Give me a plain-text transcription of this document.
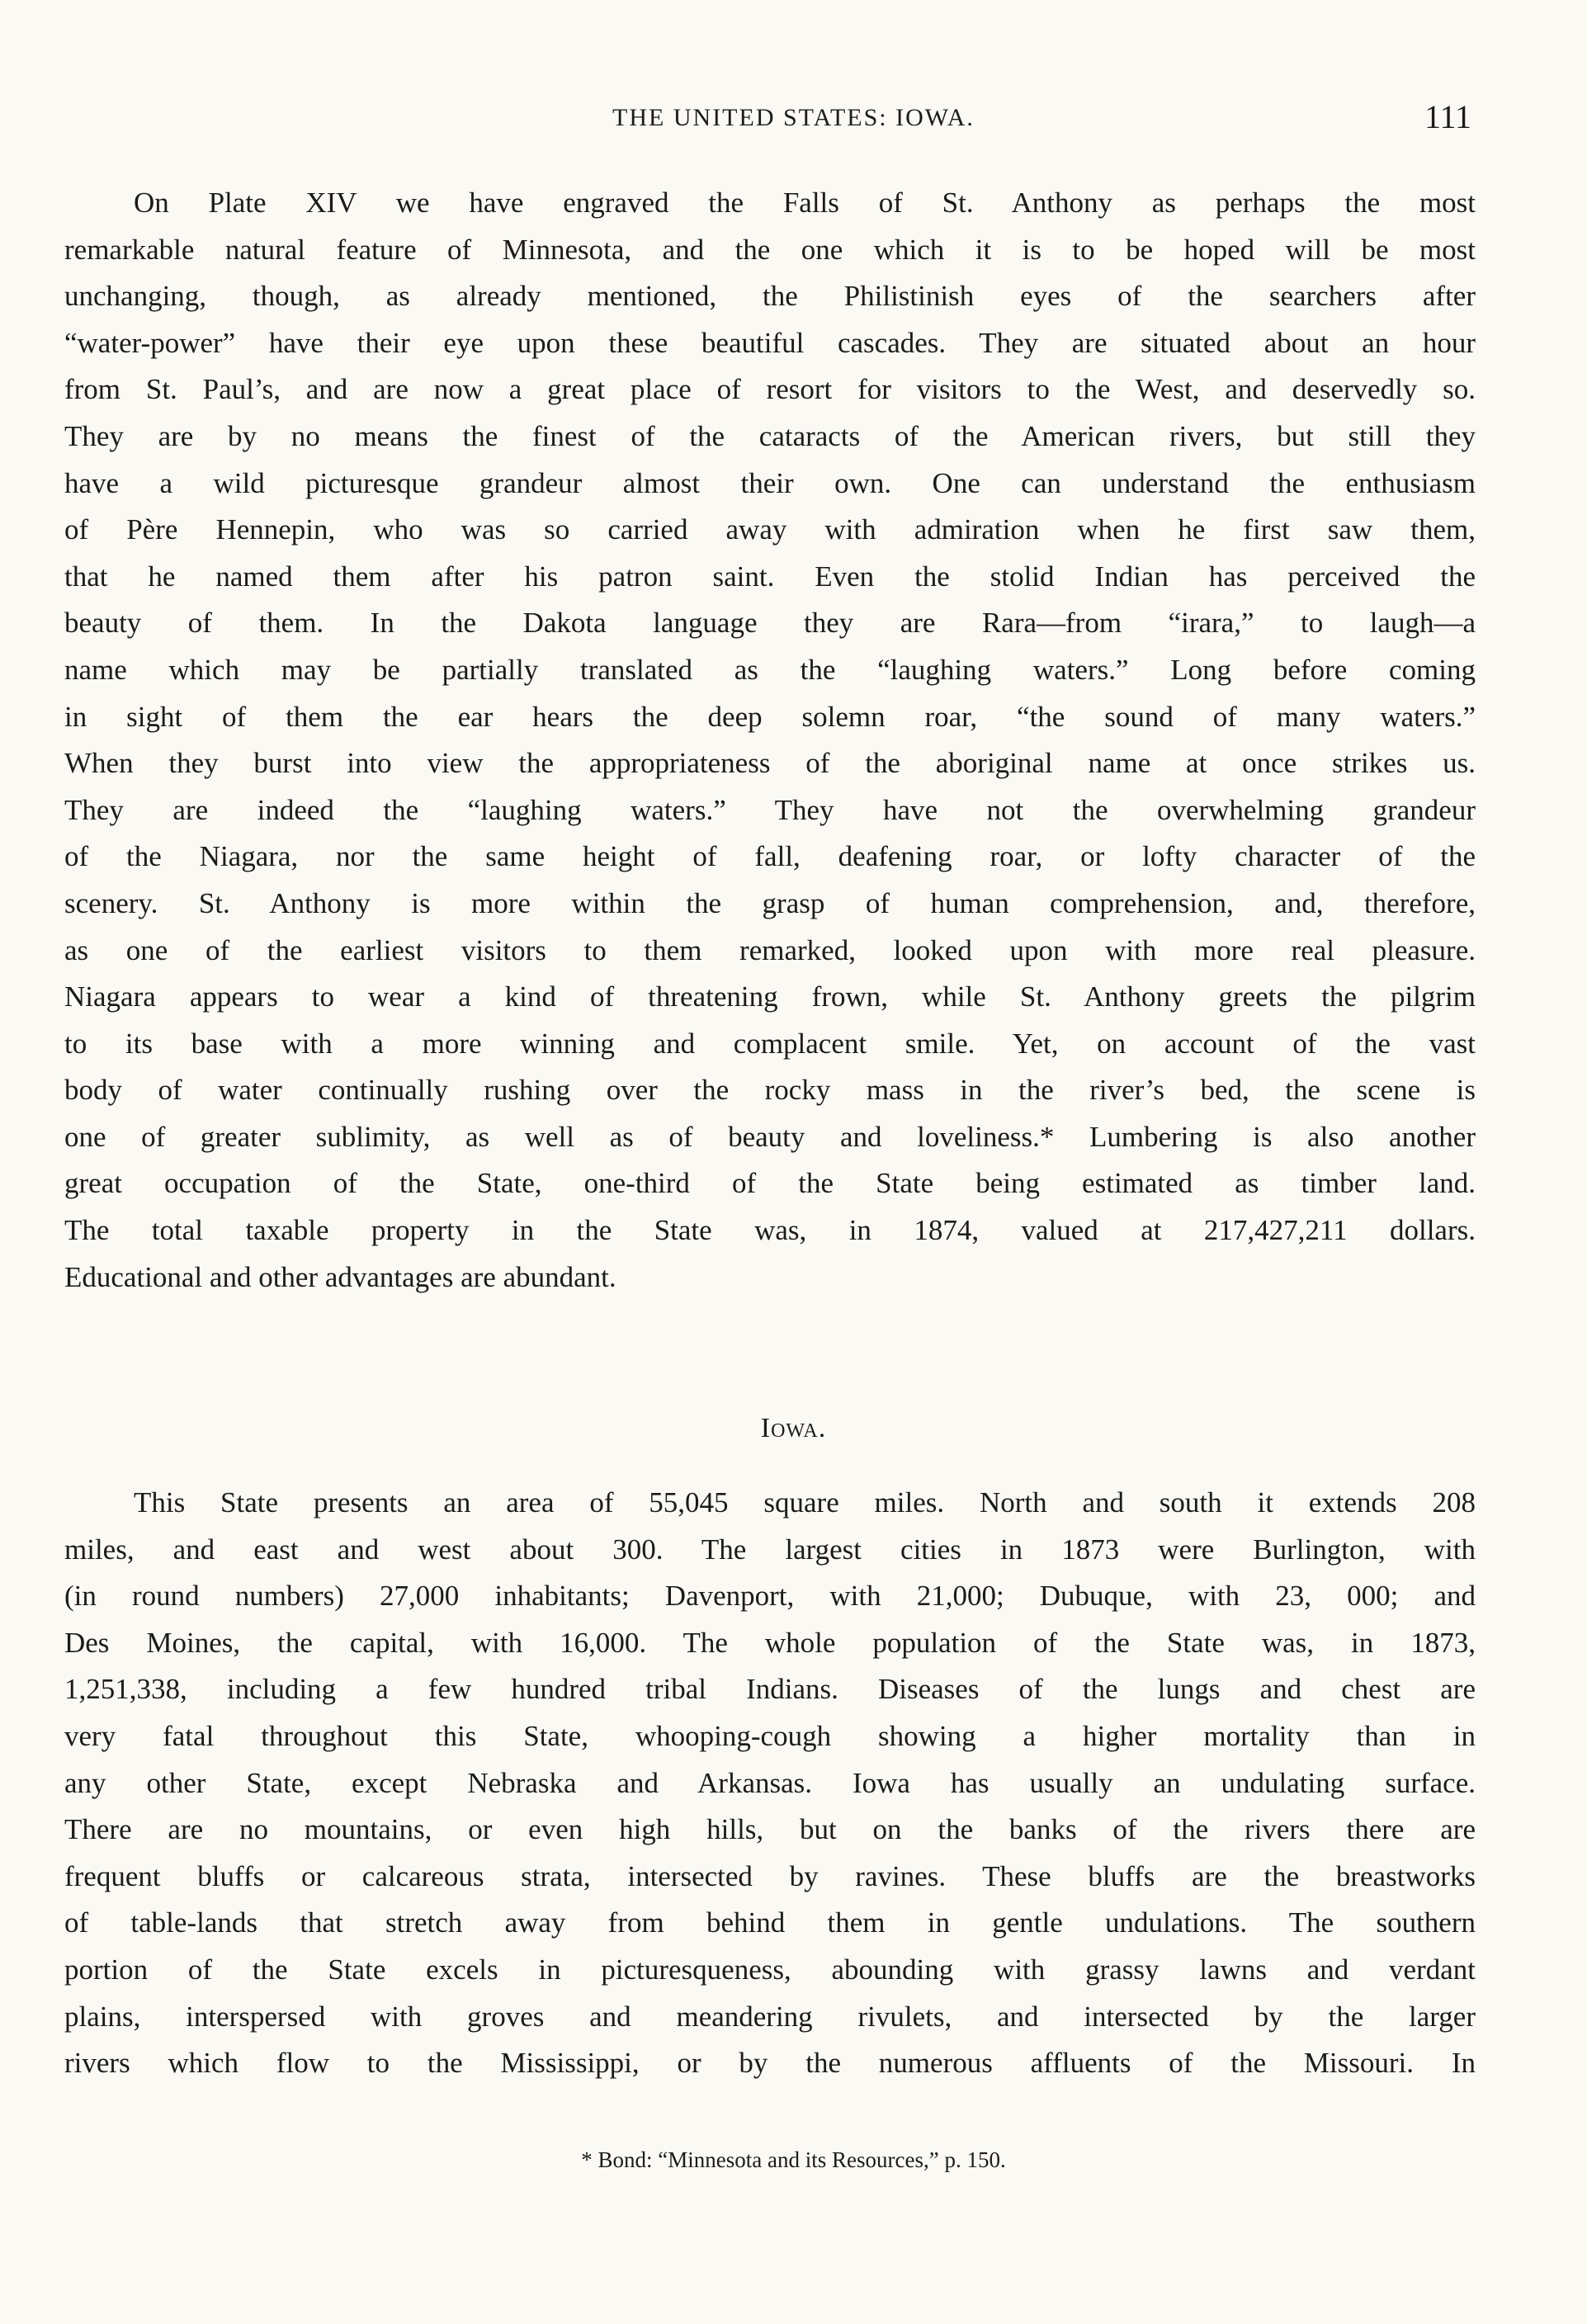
THE UNITED STATES: IOWA.	111
On Plate XIV we have engraved the Falls of St. Anthony as perhaps the most
remarkable natural feature of Minnesota, and the one which it is to be hoped will be most
unchanging, though, as already mentioned, the Philistinish eyes of the searchers after
“water-power” have their eye upon these beautiful cascades. They are situated about an hour
from St. Paul’s, and are now a great place of resort for visitors to the West, and deservedly so.
They are by no means the finest of the cataracts of the American rivers, but still they
have a wild picturesque grandeur almost their own. One can understand the enthusiasm
of Père Hennepin, who was so carried away with admiration when he first saw them,
that he named them after his patron saint. Even the stolid Indian has perceived the
beauty of them. In the Dakota language they are Rara—from “irara,” to laugh—a
name which may be partially translated as the “laughing waters.” Long before coming
in sight of them the ear hears the deep solemn roar, “the sound of many waters.”
When they burst into view the appropriateness of the aboriginal name at once strikes us.
They are indeed the “laughing waters.” They have not the overwhelming grandeur
of the Niagara, nor the same height of fall, deafening roar, or lofty character of the
scenery. St. Anthony is more within the grasp of human comprehension, and, therefore,
as one of the earliest visitors to them remarked, looked upon with more real pleasure.
Niagara appears to wear a kind of threatening frown, while St. Anthony greets the pilgrim
to its base with a more winning and complacent smile. Yet, on account of the vast
body of water continually rushing over the rocky mass in the river’s bed, the scene is
one of greater sublimity, as well as of beauty and loveliness.* Lumbering is also another
great occupation of the State, one-third of the State being estimated as timber land.
The total taxable property in the State was, in 1874, valued at 217,427,211 dollars.
Educational and other advantages are abundant.
Iowa.
This State presents an area of 55,045 square miles. North and south it extends 208
miles, and east and west about 300. The largest cities in 1873 were Burlington, with
(in round numbers) 27,000 inhabitants; Davenport, with 21,000; Dubuque, with 23, 000; and
Des Moines, the capital, with 16,000. The whole population of the State was, in 1873,
1,251,338, including a few hundred tribal Indians. Diseases of the lungs and chest are
very fatal throughout this State, whooping-cough showing a higher mortality than in
any other State, except Nebraska and Arkansas. Iowa has usually an undulating surface.
There are no mountains, or even high hills, but on the banks of the rivers there are
frequent bluffs or calcareous strata, intersected by ravines. These bluffs are the breastworks
of table-lands that stretch away from behind them in gentle undulations. The southern
portion of the State excels in picturesqueness, abounding with grassy lawns and verdant
plains, interspersed with groves and meandering rivulets, and intersected by the larger
rivers which flow to the Mississippi, or by the numerous affluents of the Missouri. In
* Bond: “Minnesota and its Resources,” p. 150.
